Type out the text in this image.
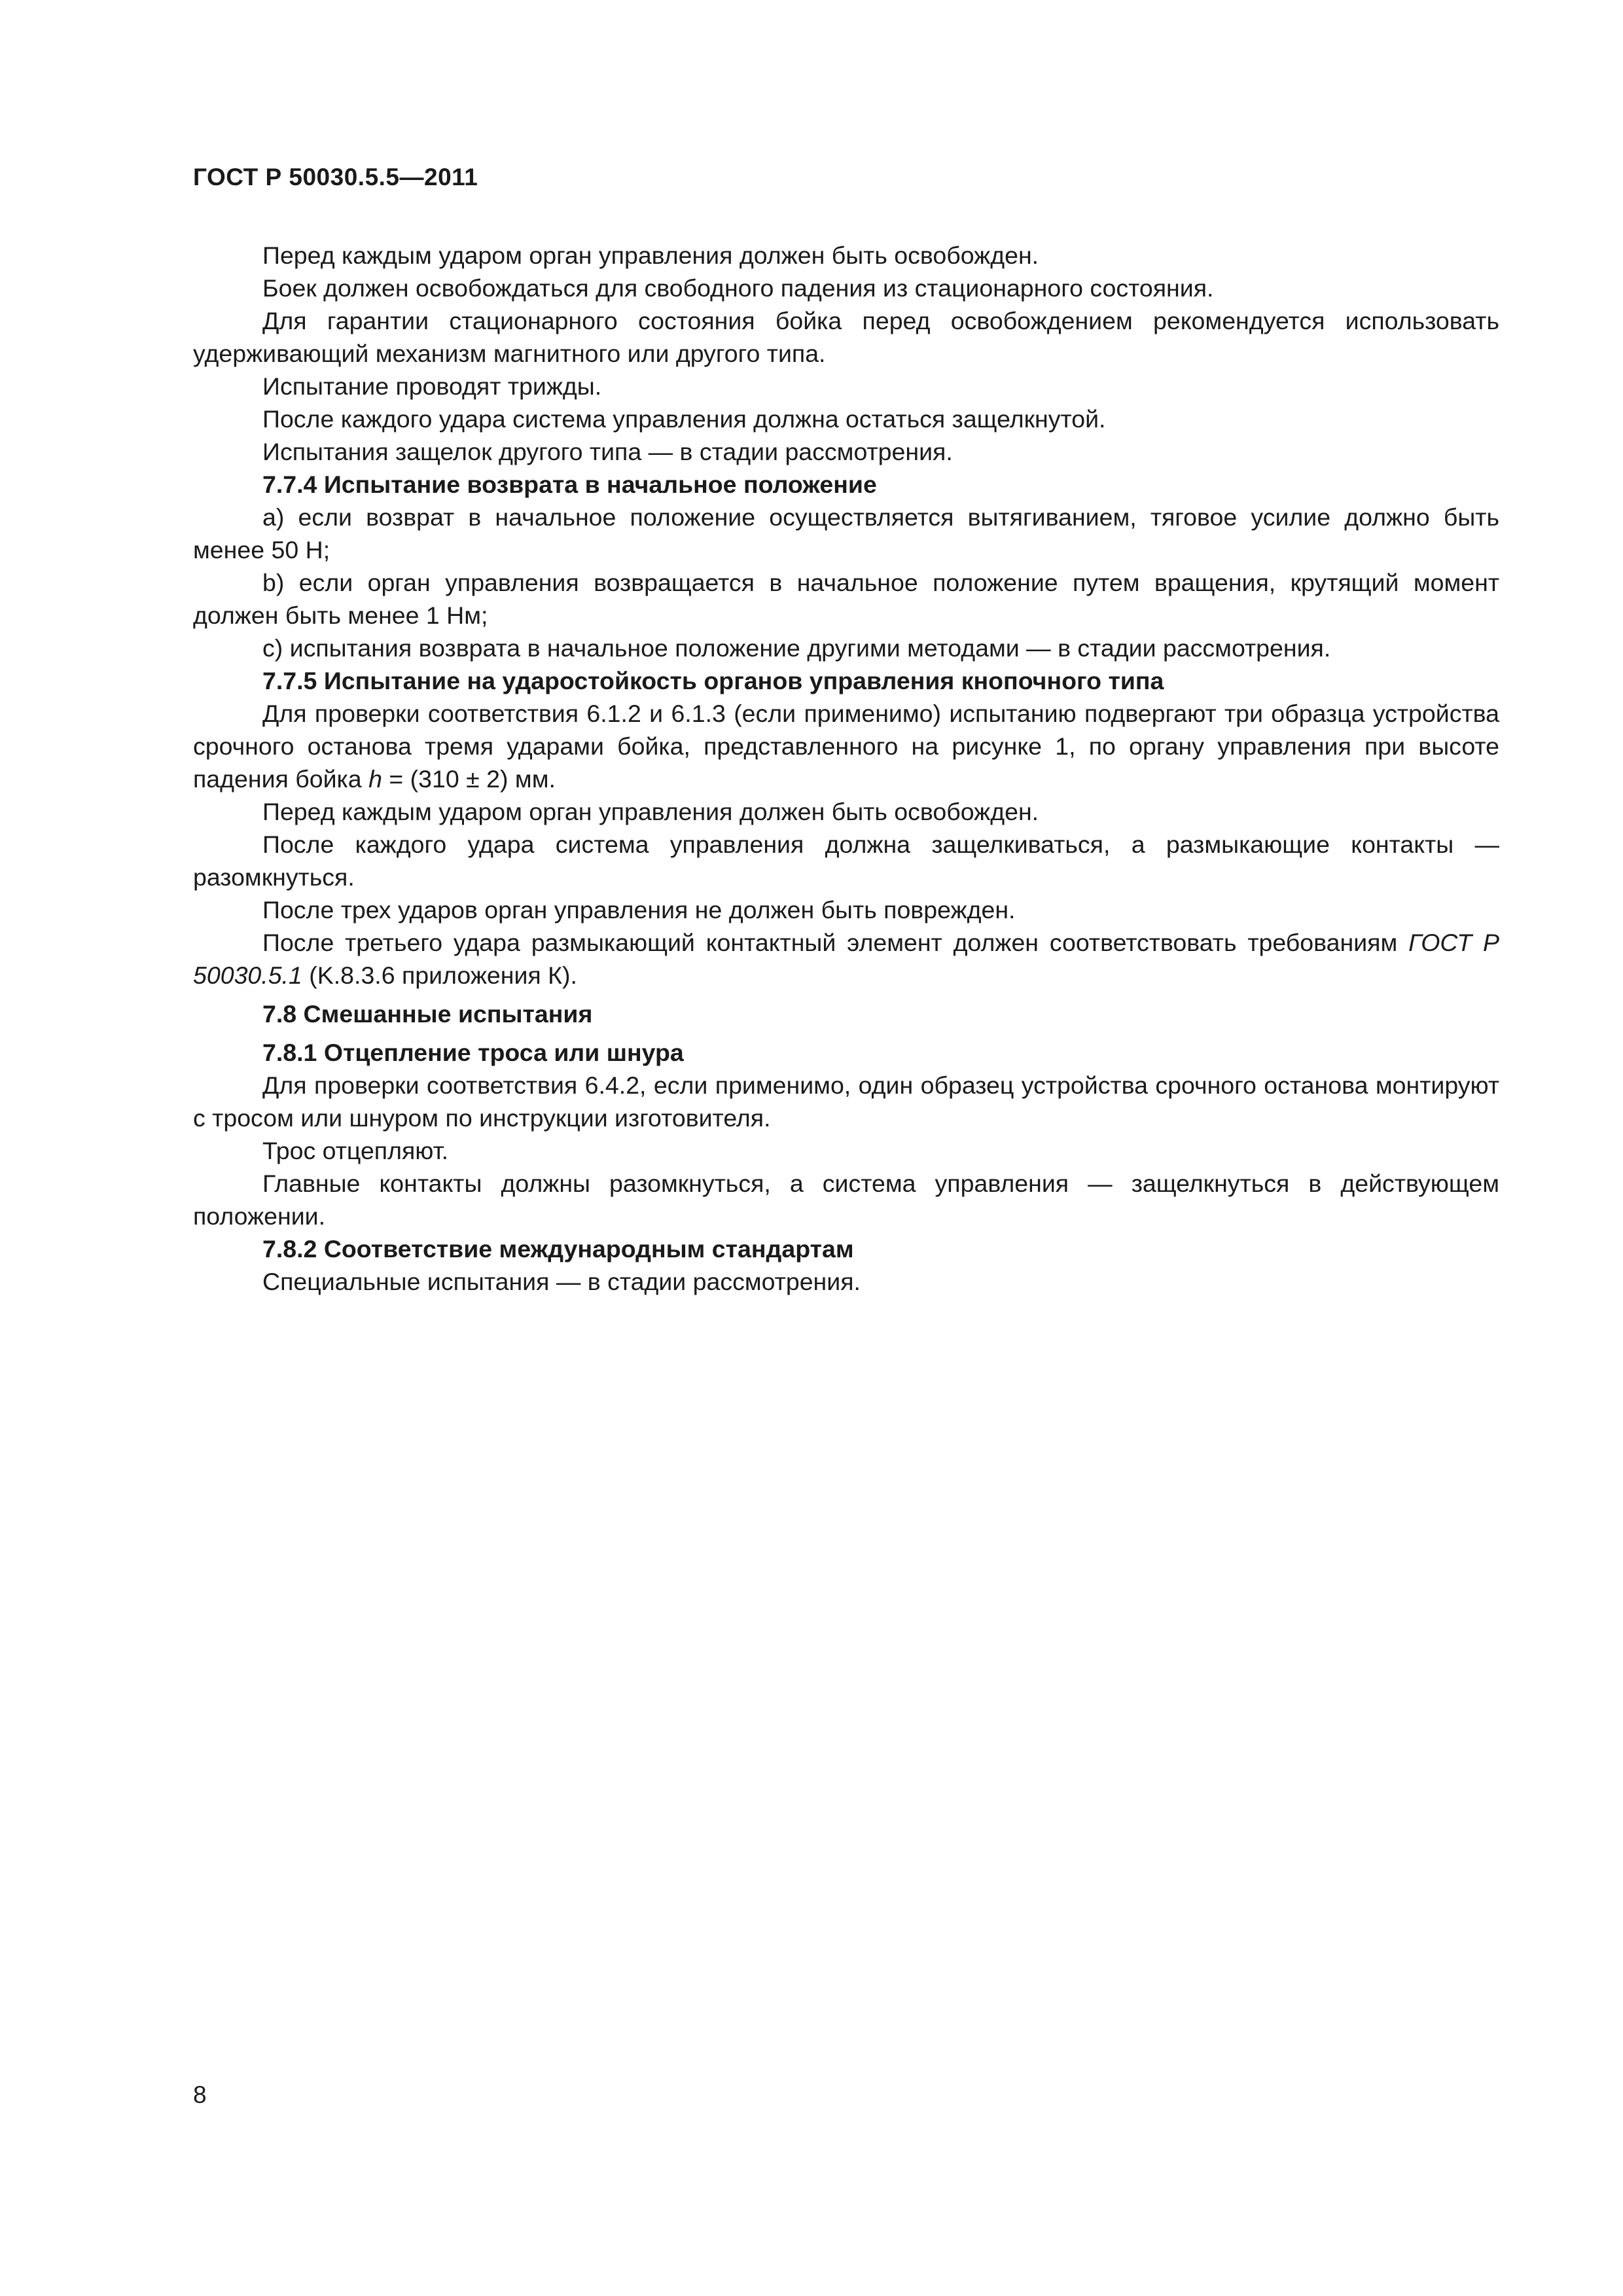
ГОСТ Р 50030.5.5—2011

Перед каждым ударом орган управления должен быть освобожден.

Боек должен освобождаться для свободного падения из стационарного состояния.

Для гарантии стационарного состояния бойка перед освобождением рекомендуется использовать удерживающий механизм магнитного или другого типа.

Испытание проводят трижды.

После каждого удара система управления должна остаться защелкнутой.

Испытания защелок другого типа — в стадии рассмотрения.

7.7.4 Испытание возврата в начальное положение

a) если возврат в начальное положение осуществляется вытягиванием, тяговое усилие должно быть менее 50 Н;

b) если орган управления возвращается в начальное положение путем вращения, крутящий момент должен быть менее 1 Нм;

c) испытания возврата в начальное положение другими методами — в стадии рассмотрения.

7.7.5 Испытание на ударостойкость органов управления кнопочного типа

Для проверки соответствия 6.1.2 и 6.1.3 (если применимо) испытанию подвергают три образца устройства срочного останова тремя ударами бойка, представленного на рисунке 1, по органу управления при высоте падения бойка h = (310 ± 2) мм.

Перед каждым ударом орган управления должен быть освобожден.

После каждого удара система управления должна защелкиваться, а размыкающие контакты — разомкнуться.

После трех ударов орган управления не должен быть поврежден.

После третьего удара размыкающий контактный элемент должен соответствовать требованиям ГОСТ Р 50030.5.1 (K.8.3.6 приложения К).

7.8 Смешанные испытания

7.8.1 Отцепление троса или шнура

Для проверки соответствия 6.4.2, если применимо, один образец устройства срочного останова монтируют с тросом или шнуром по инструкции изготовителя.

Трос отцепляют.

Главные контакты должны разомкнуться, а система управления — защелкнуться в действующем положении.

7.8.2 Соответствие международным стандартам

Специальные испытания — в стадии рассмотрения.

8
